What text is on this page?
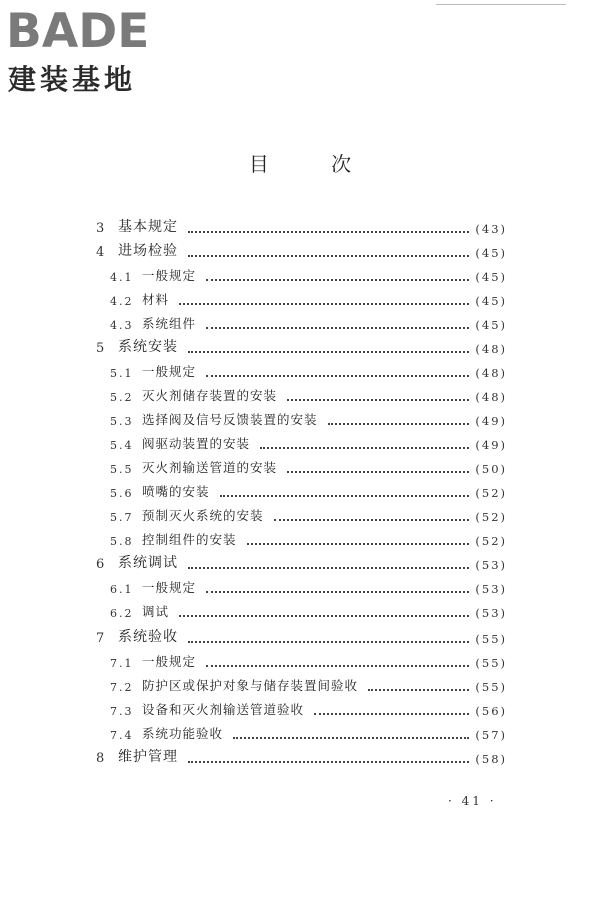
BADE
建装基地
目 次
3 基本规定	(43)
4 进场检验	(45)
4.1 一般规定	(45)
4.2 材料	(45)
4.3 系统组件	(45)
5 系统安装	(48)
5.1 一般规定	(48)
5.2 灭火剂储存装置的安装	(48)
5.3 选择阀及信号反馈装置的安装	(49)
5.4 阀驱动装置的安装	(49)
5.5 灭火剂输送管道的安装	(50)
5.6 喷嘴的安装	(52)
5.7 预制灭火系统的安装	(52)
5.8 控制组件的安装	(52)
6 系统调试	(53)
6.1 一般规定	(53)
6.2 调试	(53)
7 系统验收	(55)
7.1 一般规定	(55)
7.2 防护区或保护对象与储存装置间验收	(55)
7.3 设备和灭火剂输送管道验收	(56)
7.4 系统功能验收	(57)
8 维护管理	(58)
· 41 ·
